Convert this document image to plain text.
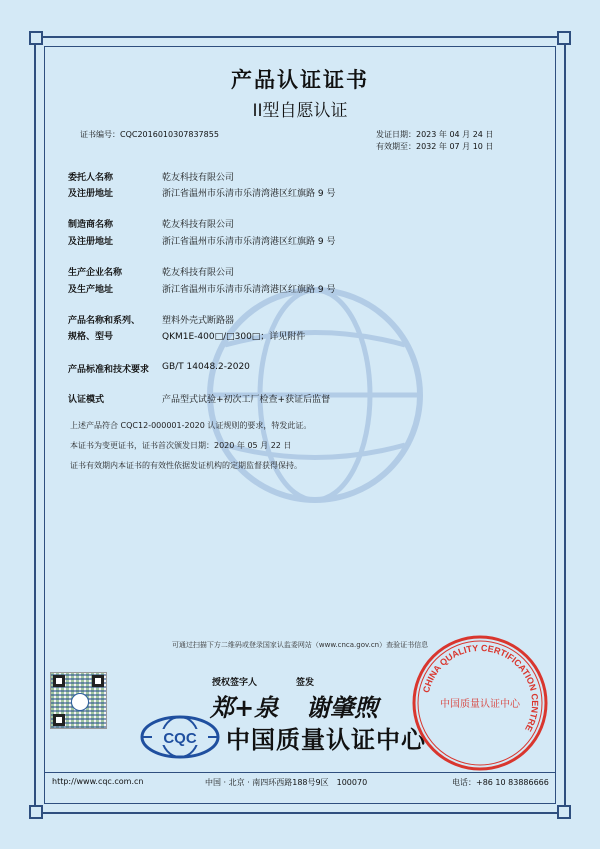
产品认证证书
II型自愿认证
证书编号：CQC2016010307837855	发证日期：2023 年 04 月 24 日
有效期至：2032 年 07 月 10 日
委托人名称	乾友科技有限公司
及注册地址	浙江省温州市乐清市乐清湾港区红旗路 9 号
制造商名称	乾友科技有限公司
及注册地址	浙江省温州市乐清市乐清湾港区红旗路 9 号
生产企业名称	乾友科技有限公司
及生产地址	浙江省温州市乐清市乐清湾港区红旗路 9 号
产品名称和系列、 塑料外壳式断路器
规格、型号	QKM1E-400□/□300□；详见附件
产品标准和技术要求 GB/T 14048.2-2020
认证模式	产品型式试验+初次工厂检查+获证后监督
上述产品符合 CQC12-000001-2020 认证规则的要求，特发此证。
本证书为变更证书，证书首次颁发日期：2020 年 05 月 22 日
证书有效期内本证书的有效性依据发证机构的定期监督获得保持。
可通过扫描下方二维码或登录国家认监委网站（www.cnca.gov.cn）查验证书信息
授权签字人	签发
郑+泉 谢肇煦
CQC 中国质量认证中心
CHINA QUALITY CERTIFICATION CENTRE
中国质量认证中心
http://www.cqc.com.cn	中国 · 北京 · 南四环西路188号9区　100070	电话：+86 10 83886666
